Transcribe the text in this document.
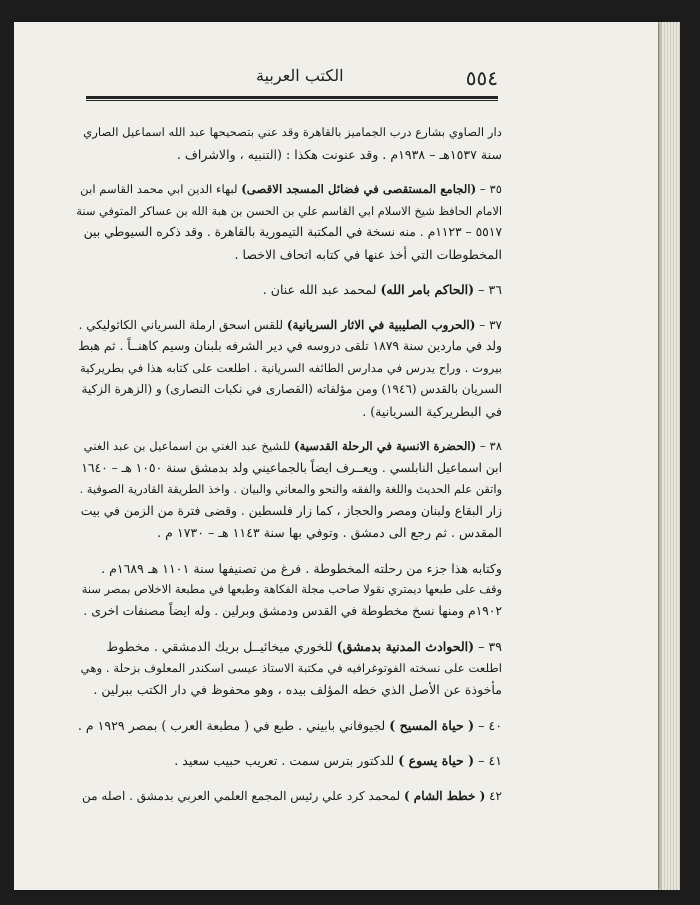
الكتب العربية	٥٥٤
دار الصاوي بشارع درب الجماميز بالقاهرة وقد عني بتصحيحها عبد الله اسماعيل الصاري
سنة ١٥٣٧هـ – ١٩٣٨م . وقد عنونت هكذا : (التنبيه ، والاشراف .
٣٥ – (الجامع المستقصى في فضائل المسجد الاقصى) لبهاء الدين ابي محمد القاسم ابن
الامام الحافظ شيخ الاسلام ابي القاسم علي بن الحسن بن هبة الله بن عساكر المتوفي سنة
٥٥١٧ – ١١٢٣م . منه نسخة في المكتبة التيمورية بالقاهرة . وقد ذكره السيوطي بين
المخطوطات التي أخذ عنها في كتابه اتحاف الاخصا .
٣٦ – (الحاكم بامر الله) لمحمد عبد الله عنان .
٣٧ – (الحروب الصليبية في الاثار السريانية) للقس اسحق ارملة السرياني الكاثوليكي .
ولد في ماردين سنة ١٨٧٩ تلقى دروسه في دير الشرفه بلبنان وسيم كاهنــاً . ثم هبط
بيروت . وراح يدرس في مدارس الطائفه السريانية . اطلعت على كتابه هذا في بطريركية
السريان بالقدس (١٩٤٦) ومن مؤلفاته (القصارى في نكبات النصارى) و (الزهرة الزكية
في البطريركية السريانية) .
٣٨ – (الحضرة الانسية في الرحلة القدسية) للشيخ عبد الغني بن اسماعيل بن عبد الغني
ابن اسماعيل النابلسي . ويعــرف ايضاً بالجماعيني ولد بدمشق سنة ١٠٥٠ هـ – ١٦٤٠
واتقن علم الحديث واللغة والفقه والنحو والمعاني والبيان . واخذ الطريقة القادرية الصوفية .
زار البقاع ولبنان ومصر والحجاز ، كما زار فلسطين . وقضى فترة من الزمن في بيت
المقدس . ثم رجع الى دمشق . وتوفي بها سنة ١١٤٣ هـ – ١٧٣٠ م .
وكتابه هذا جزء من رحلته المخطوطة . فرغ من تصنيفها سنة ١١٠١ هـ ١٦٨٩م .
وقف على طبعها ديمتري نقولا صاحب مجلة الفكاهة وطبعها في مطبعة الاخلاص بمصر سنة
١٩٠٢م ومنها نسخ مخطوطة في القدس ودمشق وبرلين . وله ايضاً مصنفات اخرى .
٣٩ – (الحوادث المدنية بدمشق) للخوري ميخائيــل بريك الدمشقي . مخطوط
اطلعت على نسخته الفوتوغرافيه في مكتبة الاستاذ عيسى اسكندر المعلوف بزحلة . وهي
مأخوذة عن الأصل الذي خطه المؤلف بيده ، وهو محفوظ في دار الكتب ببرلين .
٤٠ – ( حياة المسيح ) لجيوفاني بابيني . طبع في ( مطبعة العرب ) بمصر ١٩٢٩ م .
٤١ – ( حياة يسوع ) للدكتور بترس سمت . تعريب حبيب سعيد .
٤٢ ( خطط الشام ) لمحمد كرد علي رئيس المجمع العلمي العربي بدمشق . اصله من
